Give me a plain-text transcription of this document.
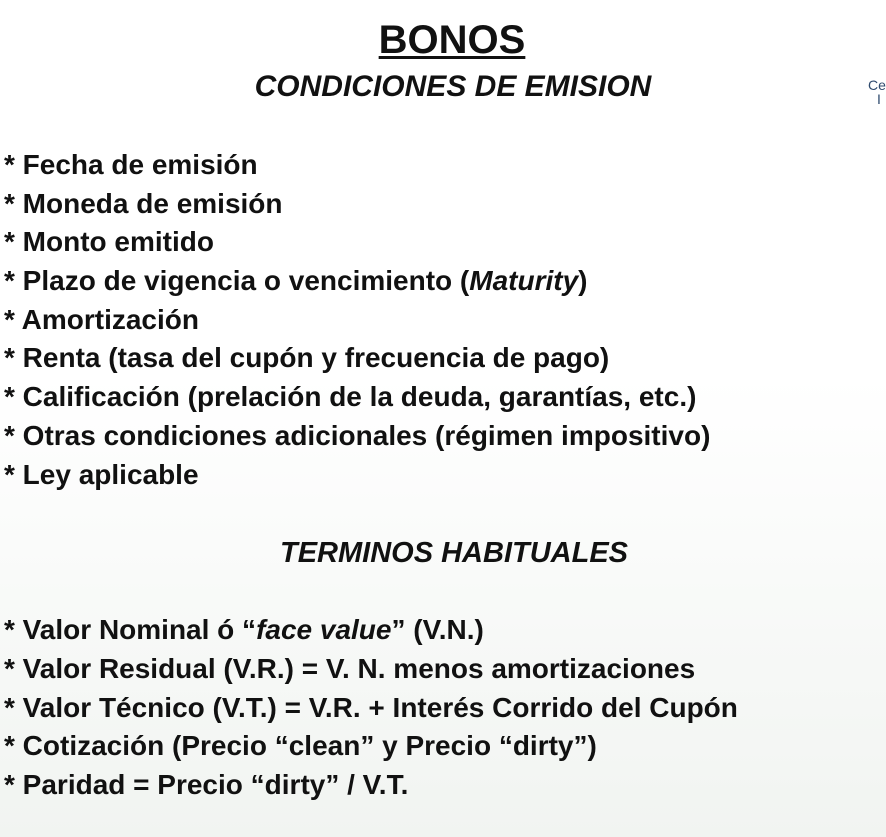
BONOS
CONDICIONES DE EMISION	Ce
I
* Fecha de emisión
* Moneda de emisión
* Monto emitido
* Plazo de vigencia o vencimiento (Maturity)
* Amortización
* Renta (tasa del cupón y frecuencia de pago)
* Calificación (prelación de la deuda, garantías, etc.)
* Otras condiciones adicionales (régimen impositivo)
* Ley aplicable
TERMINOS HABITUALES
* Valor Nominal ó “face value” (V.N.)
* Valor Residual (V.R.) = V. N. menos amortizaciones
* Valor Técnico (V.T.) = V.R. + Interés Corrido del Cupón
* Cotización (Precio “clean” y Precio “dirty”)
* Paridad = Precio “dirty” / V.T.
